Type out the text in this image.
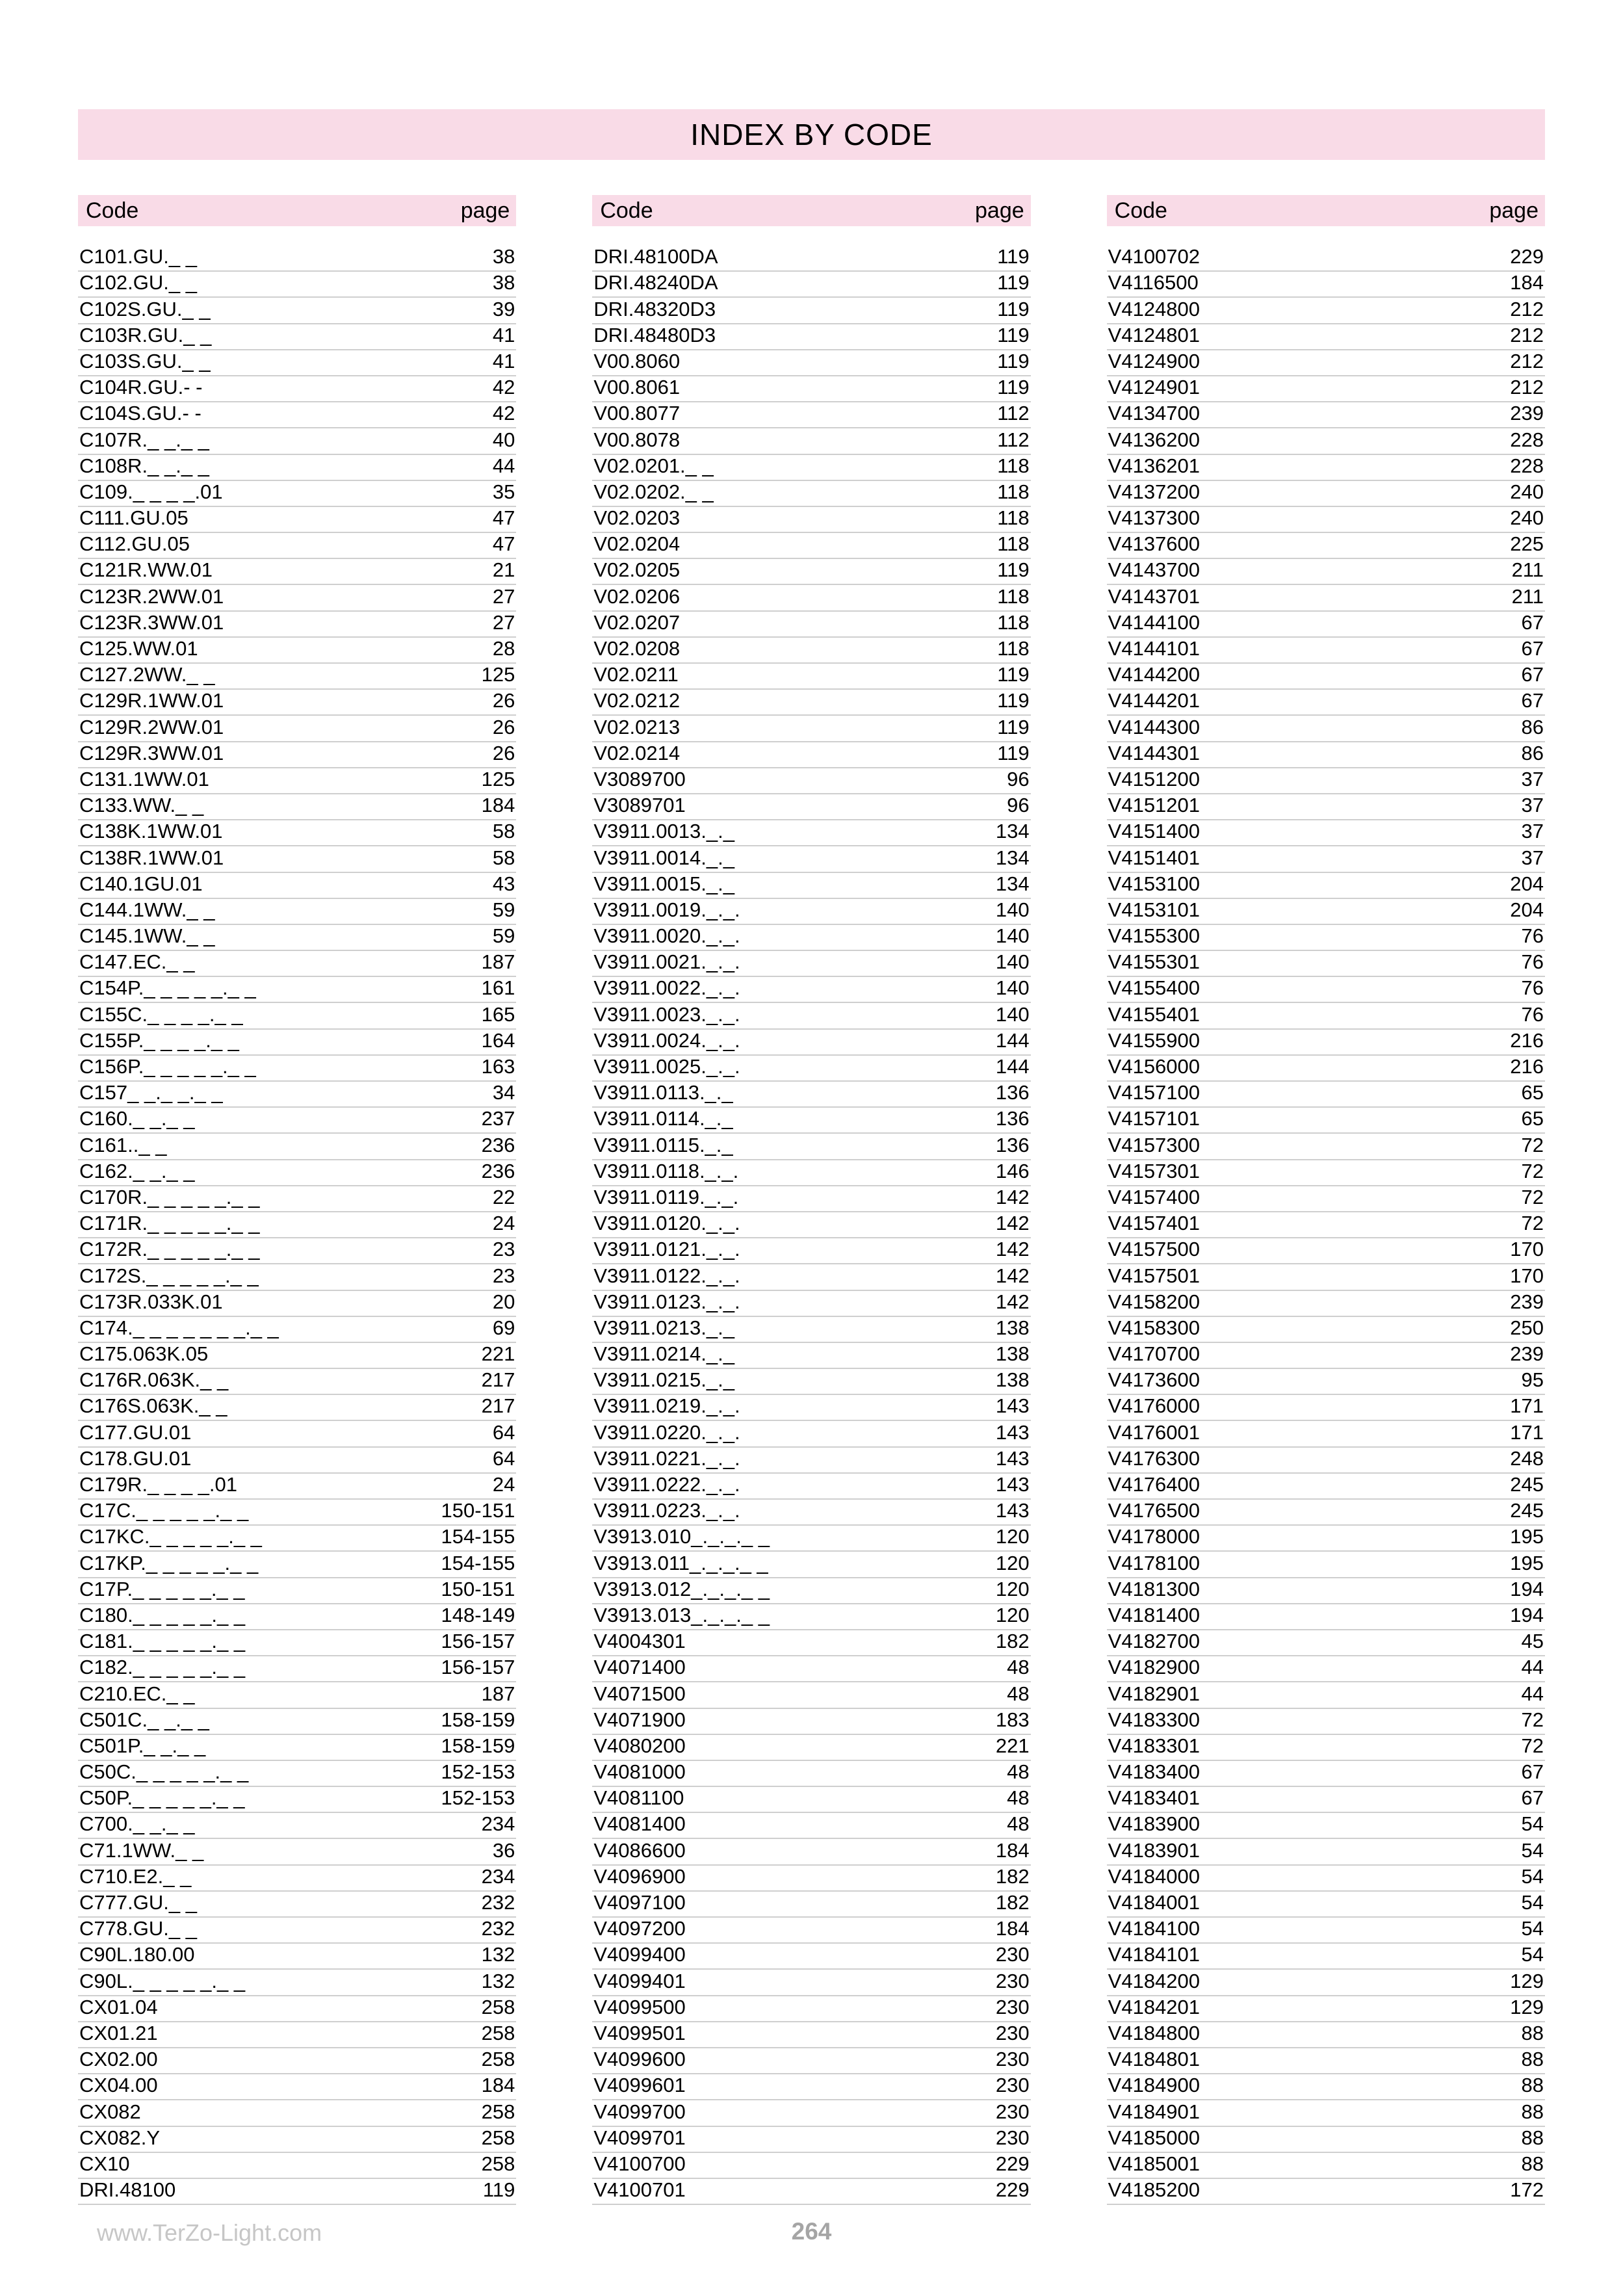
INDEX BY CODE
Code	page
C101.GU._ _	38
C102.GU._ _	38
C102S.GU._ _	39
C103R.GU._ _	41
C103S.GU._ _	41
C104R.GU.- -	42
C104S.GU.- -	42
C107R._ _._ _	40
C108R._ _._ _	44
C109._ _ _ _.01	35
C111.GU.05	47
C112.GU.05	47
C121R.WW.01	21
C123R.2WW.01	27
C123R.3WW.01	27
C125.WW.01	28
C127.2WW._ _	125
C129R.1WW.01	26
C129R.2WW.01	26
C129R.3WW.01	26
C131.1WW.01	125
C133.WW._ _	184
C138K.1WW.01	58
C138R.1WW.01	58
C140.1GU.01	43
C144.1WW._ _	59
C145.1WW._ _	59
C147.EC._ _	187
C154P._ _ _ _ _._ _	161
C155C._ _ _ _._ _	165
C155P._ _ _ _._ _	164
C156P._ _ _ _ _._ _	163
C157_ _._ _._ _	34
C160._ _._ _	237
C161.._ _	236
C162._ _._ _	236
C170R._ _ _ _ _._ _	22
C171R._ _ _ _ _._ _	24
C172R._ _ _ _ _._ _	23
C172S._ _ _ _ _._ _	23
C173R.033K.01	20
C174._ _ _ _ _ _ _._ _	69
C175.063K.05	221
C176R.063K._ _	217
C176S.063K._ _	217
C177.GU.01	64
C178.GU.01	64
C179R._ _ _ _.01	24
C17C._ _ _ _ _._ _	150-151
C17KC._ _ _ _ _._ _	154-155
C17KP._ _ _ _ _._ _	154-155
C17P._ _ _ _ _._ _	150-151
C180._ _ _ _ _._ _	148-149
C181._ _ _ _ _._ _	156-157
C182._ _ _ _ _._ _	156-157
C210.EC._ _	187
C501C._ _._ _	158-159
C501P._ _._ _	158-159
C50C._ _ _ _ _._ _	152-153
C50P._ _ _ _ _._ _	152-153
C700._ _._ _	234
C71.1WW._ _	36
C710.E2._ _	234
C777.GU._ _	232
C778.GU._ _	232
C90L.180.00	132
C90L._ _ _ _ _._ _	132
CX01.04	258
CX01.21	258
CX02.00	258
CX04.00	184
CX082	258
CX082.Y	258
CX10	258
DRI.48100	119
Code	page
DRI.48100DA	119
DRI.48240DA	119
DRI.48320D3	119
DRI.48480D3	119
V00.8060	119
V00.8061	119
V00.8077	112
V00.8078	112
V02.0201._ _	118
V02.0202._ _	118
V02.0203	118
V02.0204	118
V02.0205	119
V02.0206	118
V02.0207	118
V02.0208	118
V02.0211	119
V02.0212	119
V02.0213	119
V02.0214	119
V3089700	96
V3089701	96
V3911.0013._._	134
V3911.0014._._	134
V3911.0015._._	134
V3911.0019._._.	140
V3911.0020._._.	140
V3911.0021._._.	140
V3911.0022._._.	140
V3911.0023._._.	140
V3911.0024._._.	144
V3911.0025._._.	144
V3911.0113._._	136
V3911.0114._._	136
V3911.0115._._	136
V3911.0118._._.	146
V3911.0119._._.	142
V3911.0120._._.	142
V3911.0121._._.	142
V3911.0122._._.	142
V3911.0123._._.	142
V3911.0213._._	138
V3911.0214._._	138
V3911.0215._._	138
V3911.0219._._.	143
V3911.0220._._.	143
V3911.0221._._.	143
V3911.0222._._.	143
V3911.0223._._.	143
V3913.010_._._._ _	120
V3913.011_._._._ _	120
V3913.012_._._._ _	120
V3913.013_._._._ _	120
V4004301	182
V4071400	48
V4071500	48
V4071900	183
V4080200	221
V4081000	48
V4081100	48
V4081400	48
V4086600	184
V4096900	182
V4097100	182
V4097200	184
V4099400	230
V4099401	230
V4099500	230
V4099501	230
V4099600	230
V4099601	230
V4099700	230
V4099701	230
V4100700	229
V4100701	229
Code	page
V4100702	229
V4116500	184
V4124800	212
V4124801	212
V4124900	212
V4124901	212
V4134700	239
V4136200	228
V4136201	228
V4137200	240
V4137300	240
V4137600	225
V4143700	211
V4143701	211
V4144100	67
V4144101	67
V4144200	67
V4144201	67
V4144300	86
V4144301	86
V4151200	37
V4151201	37
V4151400	37
V4151401	37
V4153100	204
V4153101	204
V4155300	76
V4155301	76
V4155400	76
V4155401	76
V4155900	216
V4156000	216
V4157100	65
V4157101	65
V4157300	72
V4157301	72
V4157400	72
V4157401	72
V4157500	170
V4157501	170
V4158200	239
V4158300	250
V4170700	239
V4173600	95
V4176000	171
V4176001	171
V4176300	248
V4176400	245
V4176500	245
V4178000	195
V4178100	195
V4181300	194
V4181400	194
V4182700	45
V4182900	44
V4182901	44
V4183300	72
V4183301	72
V4183400	67
V4183401	67
V4183900	54
V4183901	54
V4184000	54
V4184001	54
V4184100	54
V4184101	54
V4184200	129
V4184201	129
V4184800	88
V4184801	88
V4184900	88
V4184901	88
V4185000	88
V4185001	88
V4185200	172
www.TerZo-Light.com	264
